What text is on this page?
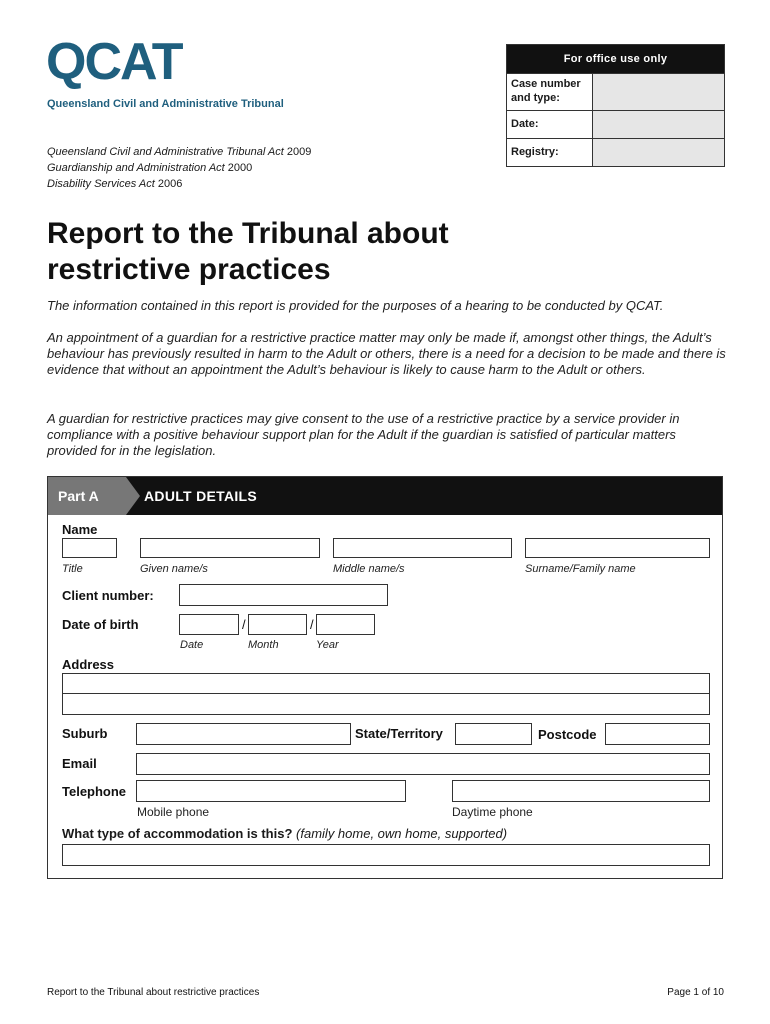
QCAT
Queensland Civil and Administrative Tribunal
Queensland Civil and Administrative Tribunal Act 2009
Guardianship and Administration Act 2000
Disability Services Act 2006
For office use only
Case number and type:
Date:
Registry:
Report to the Tribunal about
restrictive practices

The information contained in this report is provided for the purposes of a hearing to be conducted by QCAT.

An appointment of a guardian for a restrictive practice matter may only be made if, amongst other things, the Adult’s behaviour has previously resulted in harm to the Adult or others, there is a need for a decision to be made and there is evidence that without an appointment the Adult’s behaviour is likely to cause harm to the Adult or others.

A guardian for restrictive practices may give consent to the use of a restrictive practice by a service provider in compliance with a positive behaviour support plan for the Adult if the guardian is satisfied of particular matters provided for in the legislation.

Part A	ADULT DETAILS
Name
Title	Given name/s	Middle name/s	Surname/Family name
Client number:
Date of birth	/	/
Date	Month	Year
Address
Suburb	State/Territory	Postcode
Email
Telephone
Mobile phone	Daytime phone
What type of accommodation is this? (family home, own home, supported)
Report to the Tribunal about restrictive practices	Page 1 of 10
